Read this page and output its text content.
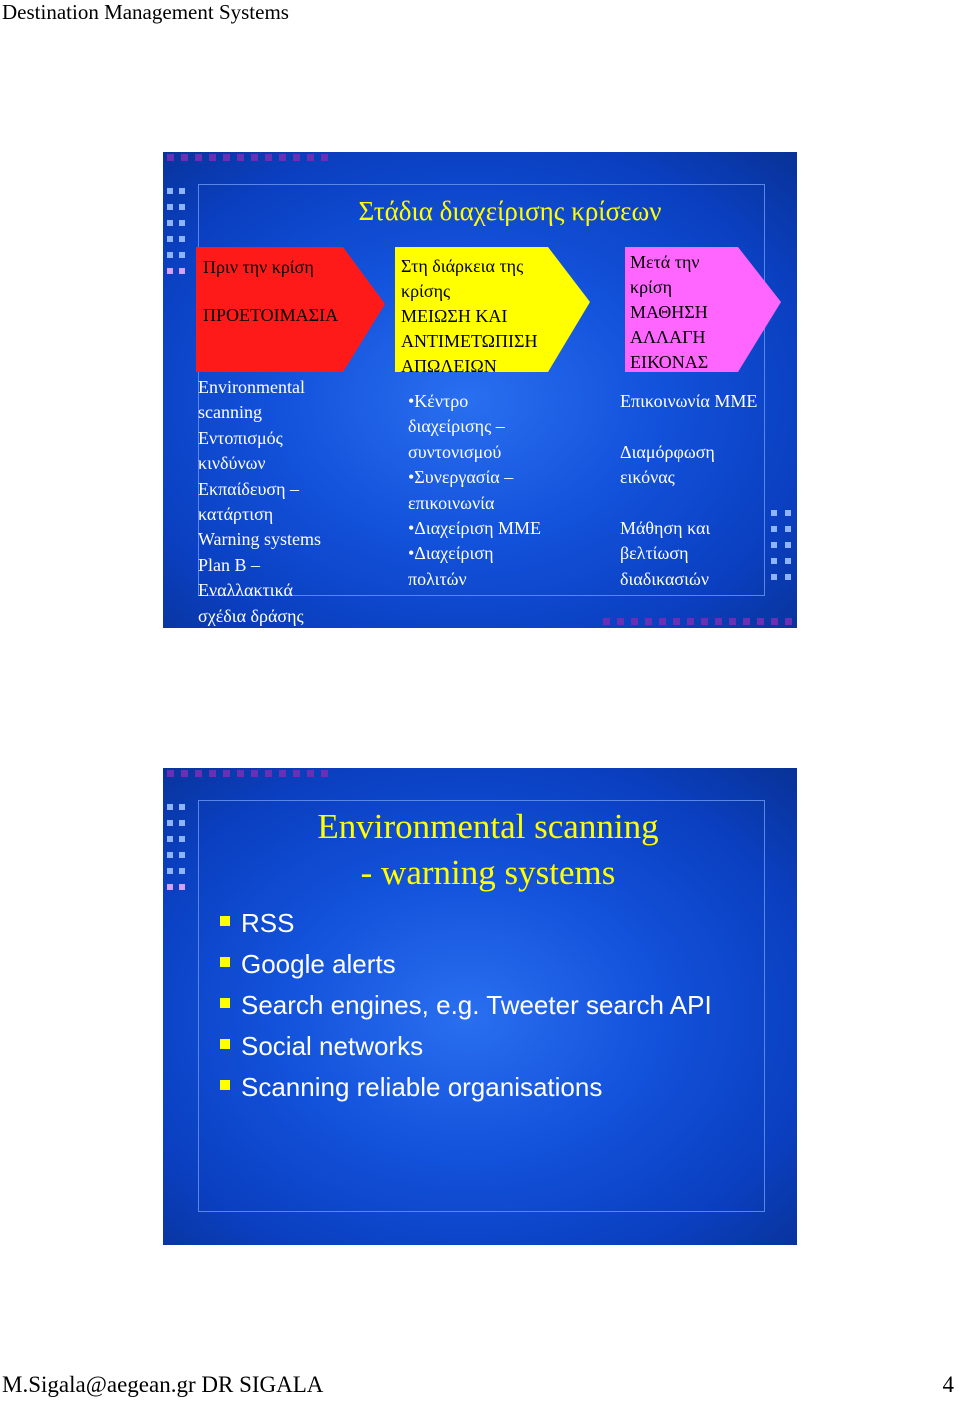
Destination Management Systems
Στάδια διαχείρισης κρίσεων
Πριν την κρίση
ΠΡΟΕΤΟΙΜΑΣΙΑ
Στη διάρκεια της
κρίσης
ΜΕΙΩΣΗ ΚΑΙ
ΑΝΤΙΜΕΤΩΠΙΣΗ
ΑΠΩΛΕΙΩΝ
Μετά την
κρίση
ΜΑΘΗΣΗ
ΑΛΛΑΓΗ
ΕΙΚΟΝΑΣ
Environmental
scanning
Εντοπισμός
κινδύνων
Εκπαίδευση –
κατάρτιση
Warning systems
Plan B –
Εναλλακτικά
σχέδια δράσης
•Κέντρο
διαχείρισης –
συντονισμού
•Συνεργασία –
επικοινωνία
•Διαχείριση ΜΜΕ
•Διαχείριση
πολιτών
Επικοινωνία ΜΜΕ
Διαμόρφωση
εικόνας
Μάθηση και
βελτίωση
διαδικασιών
Environmental scanning
- warning systems
RSS
Google alerts
Search engines, e.g. Tweeter search API
Social networks
Scanning reliable organisations
M.Sigala@aegean.gr DR SIGALA	4
